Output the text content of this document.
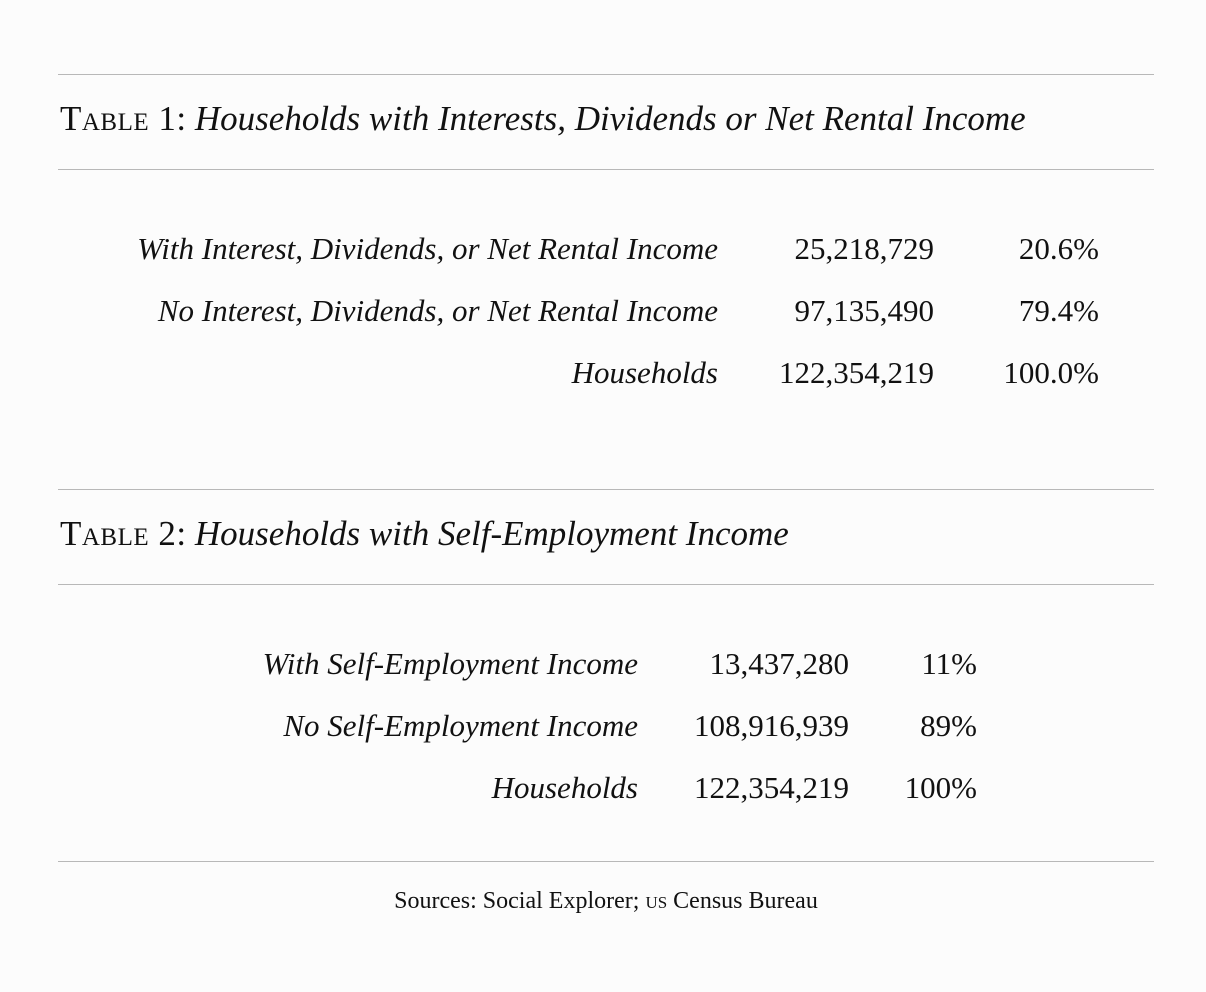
Table 1: Households with Interests, Dividends or Net Rental Income
With Interest, Dividends, or Net Rental Income 25,218,729	20.6%
No Interest, Dividends, or Net Rental Income 97,135,490	79.4%
Households 122,354,219 100.0%
Table 2: Households with Self-Employment Income
With Self-Employment Income 13,437,280 11%
No Self-Employment Income 108,916,939 89%
Households 122,354,219 100%
Sources: Social Explorer; us Census Bureau
